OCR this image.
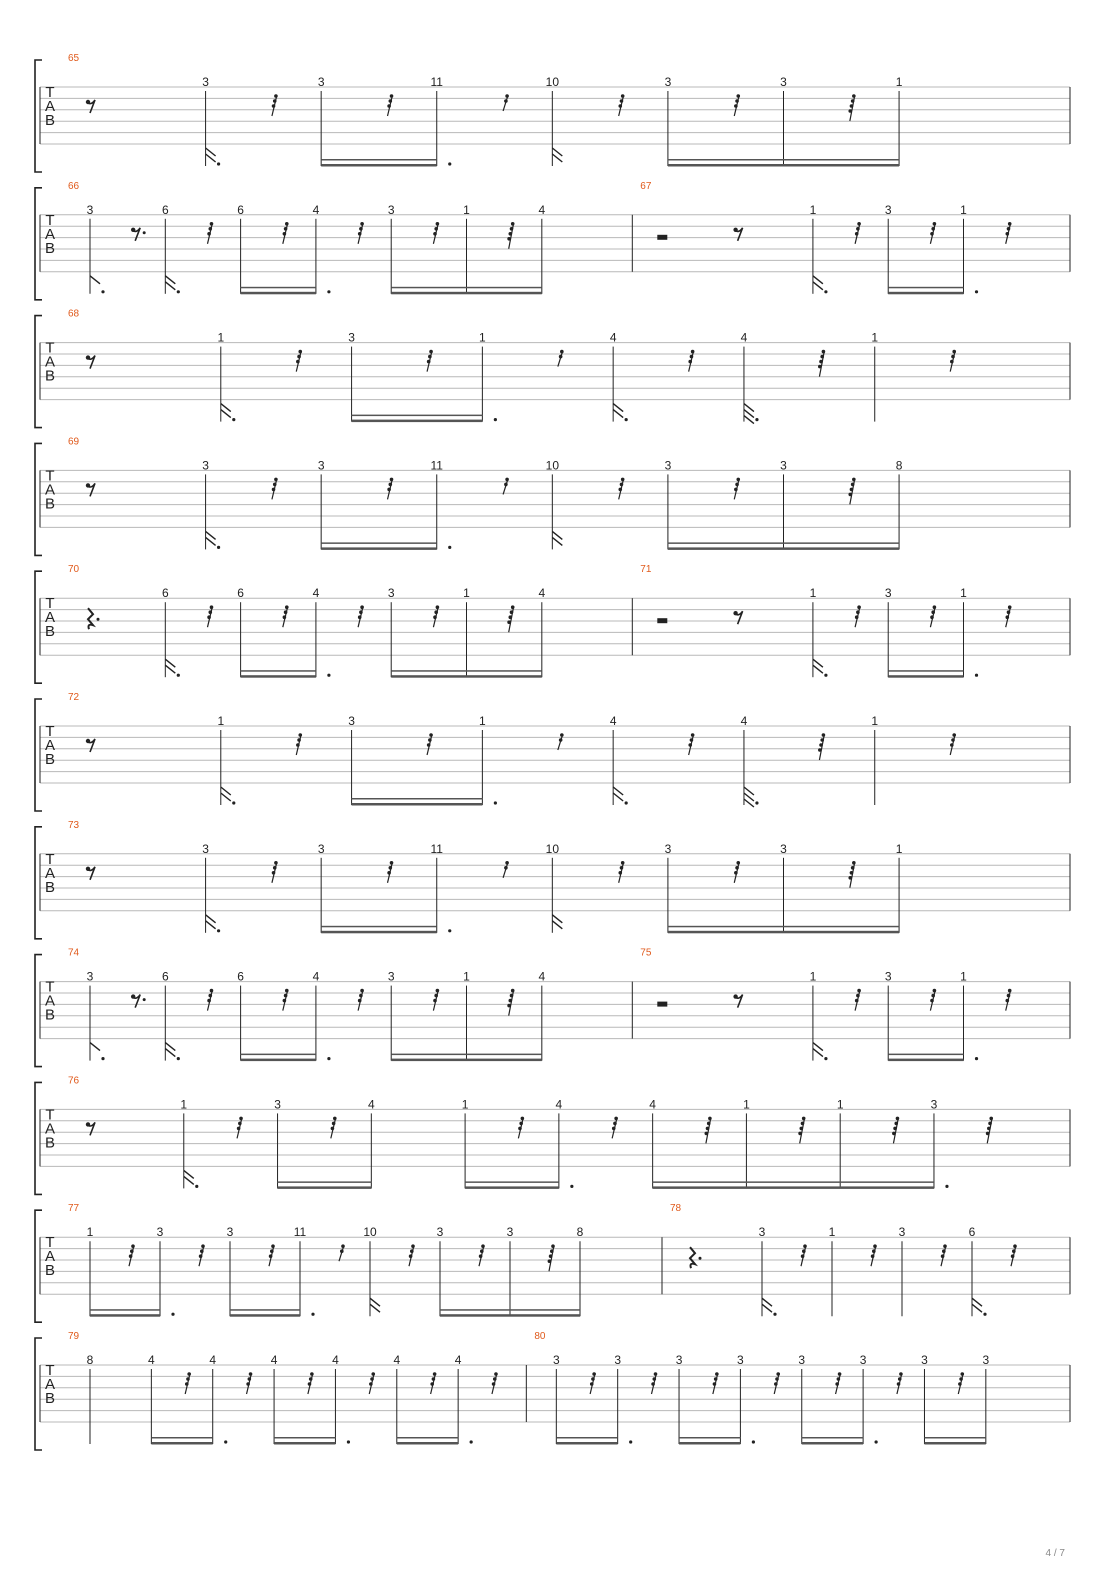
T
A
B
65
3	3	11	10	3	3	1
T
A
B
66
3	6	6	4	3	1	4
67
1	3	1
T
A
B
68
1	3	1	4	4	1
T
A
B
69
3	3	11	10	3	3	8
T
A
B
70
6	6	4	3	1	4
71
1	3	1
T
A
B
72
1	3	1	4	4	1
T
A
B
73
3	3	11	10	3	3	1
T
A
B
74
3	6	6	4	3	1	4
75
1	3	1
T
A
B
76
1	3	4	1	4	4	1	1	3
T
A
B
77
1	3	3	11	10	3	3	8
78
3	1	3	6
T
A
B
79
8	4	4	4	4	4	4
80
3	3	3	3	3	3	3	3
4 / 7
